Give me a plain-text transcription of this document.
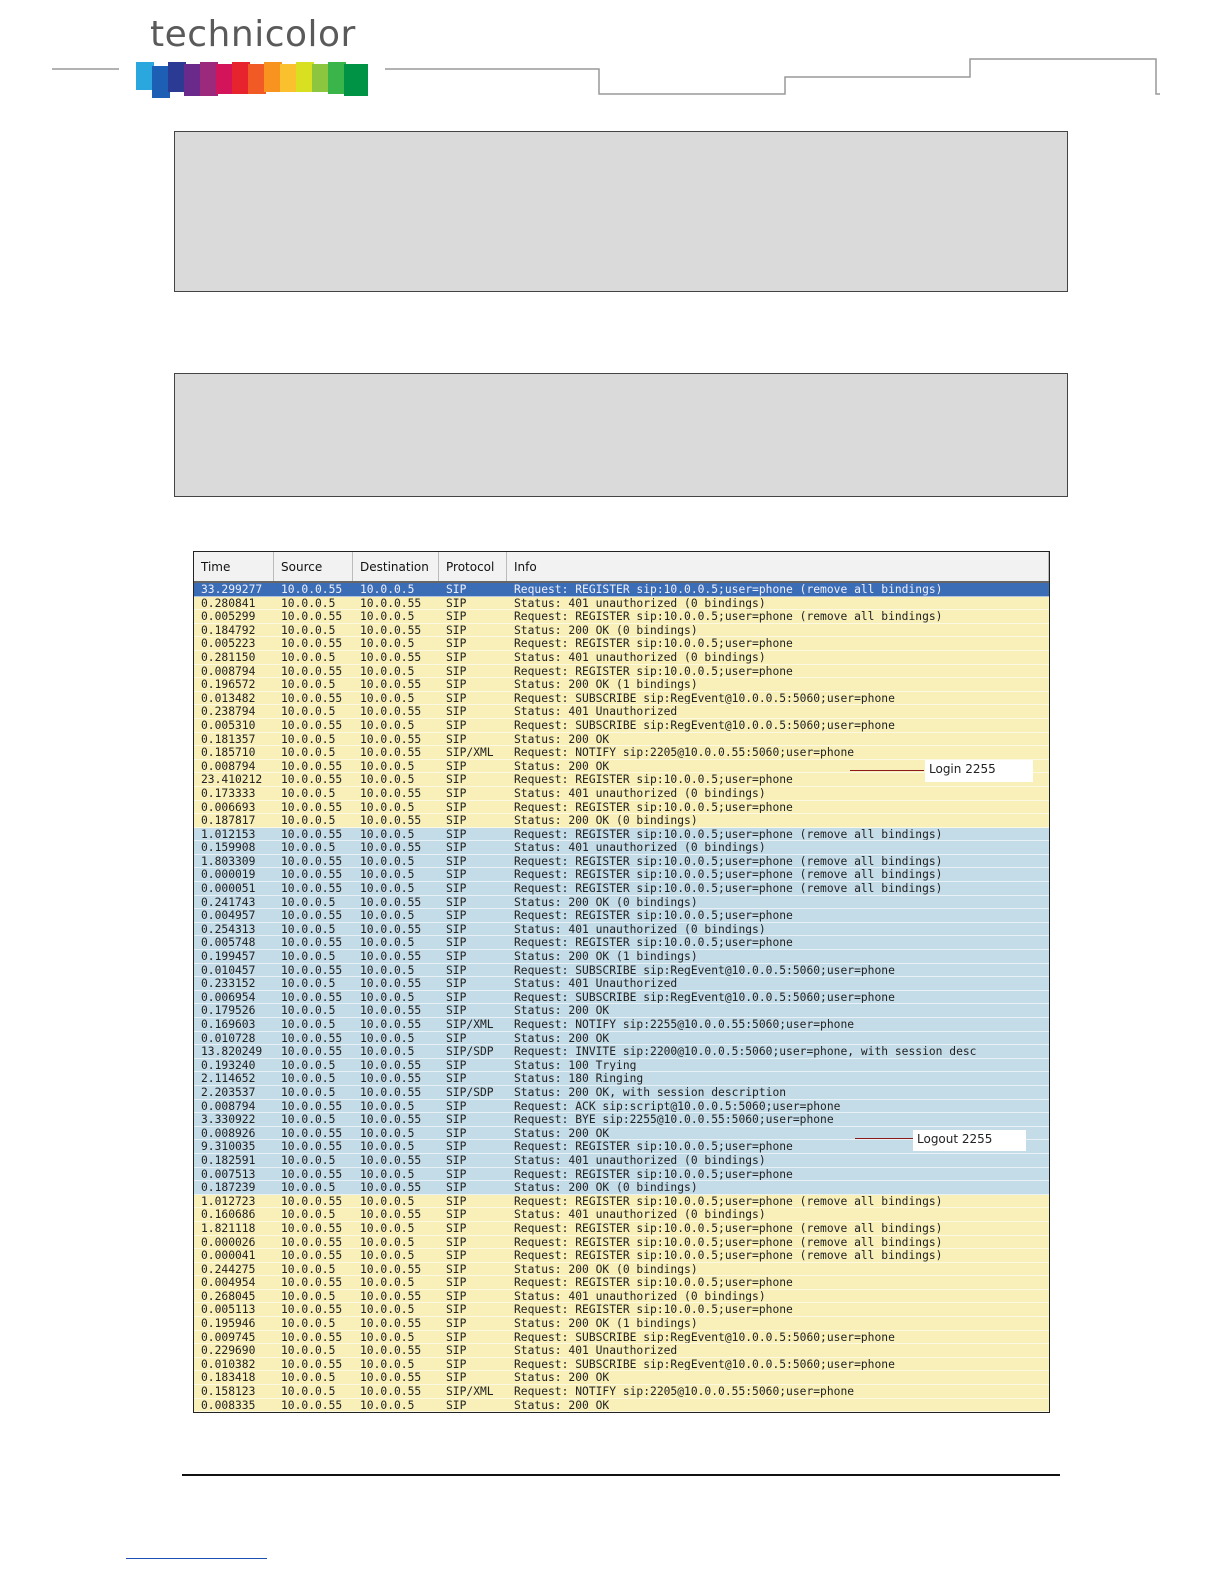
technicolor
Time	Source	Destination	Protocol	Info
33.299277	10.0.0.55	10.0.0.5	SIP	Request: REGISTER sip:10.0.0.5;user=phone (remove all bindings)
0.280841	10.0.0.5	10.0.0.55	SIP	Status: 401 unauthorized (0 bindings)
0.005299	10.0.0.55	10.0.0.5	SIP	Request: REGISTER sip:10.0.0.5;user=phone (remove all bindings)
0.184792	10.0.0.5	10.0.0.55	SIP	Status: 200 OK (0 bindings)
0.005223	10.0.0.55	10.0.0.5	SIP	Request: REGISTER sip:10.0.0.5;user=phone
0.281150	10.0.0.5	10.0.0.55	SIP	Status: 401 unauthorized (0 bindings)
0.008794	10.0.0.55	10.0.0.5	SIP	Request: REGISTER sip:10.0.0.5;user=phone
0.196572	10.0.0.5	10.0.0.55	SIP	Status: 200 OK (1 bindings)
0.013482	10.0.0.55	10.0.0.5	SIP	Request: SUBSCRIBE sip:RegEvent@10.0.0.5:5060;user=phone
0.238794	10.0.0.5	10.0.0.55	SIP	Status: 401 Unauthorized
0.005310	10.0.0.55	10.0.0.5	SIP	Request: SUBSCRIBE sip:RegEvent@10.0.0.5:5060;user=phone
0.181357	10.0.0.5	10.0.0.55	SIP	Status: 200 OK
0.185710	10.0.0.5	10.0.0.55	SIP/XML	Request: NOTIFY sip:2205@10.0.0.55:5060;user=phone
0.008794	10.0.0.55	10.0.0.5	SIP	Status: 200 OK
23.410212	10.0.0.55	10.0.0.5	SIP	Request: REGISTER sip:10.0.0.5;user=phone
0.173333	10.0.0.5	10.0.0.55	SIP	Status: 401 unauthorized (0 bindings)
0.006693	10.0.0.55	10.0.0.5	SIP	Request: REGISTER sip:10.0.0.5;user=phone
0.187817	10.0.0.5	10.0.0.55	SIP	Status: 200 OK (0 bindings)
1.012153	10.0.0.55	10.0.0.5	SIP	Request: REGISTER sip:10.0.0.5;user=phone (remove all bindings)
0.159908	10.0.0.5	10.0.0.55	SIP	Status: 401 unauthorized (0 bindings)
1.803309	10.0.0.55	10.0.0.5	SIP	Request: REGISTER sip:10.0.0.5;user=phone (remove all bindings)
0.000019	10.0.0.55	10.0.0.5	SIP	Request: REGISTER sip:10.0.0.5;user=phone (remove all bindings)
0.000051	10.0.0.55	10.0.0.5	SIP	Request: REGISTER sip:10.0.0.5;user=phone (remove all bindings)
0.241743	10.0.0.5	10.0.0.55	SIP	Status: 200 OK (0 bindings)
0.004957	10.0.0.55	10.0.0.5	SIP	Request: REGISTER sip:10.0.0.5;user=phone
0.254313	10.0.0.5	10.0.0.55	SIP	Status: 401 unauthorized (0 bindings)
0.005748	10.0.0.55	10.0.0.5	SIP	Request: REGISTER sip:10.0.0.5;user=phone
0.199457	10.0.0.5	10.0.0.55	SIP	Status: 200 OK (1 bindings)
0.010457	10.0.0.55	10.0.0.5	SIP	Request: SUBSCRIBE sip:RegEvent@10.0.0.5:5060;user=phone
0.233152	10.0.0.5	10.0.0.55	SIP	Status: 401 Unauthorized
0.006954	10.0.0.55	10.0.0.5	SIP	Request: SUBSCRIBE sip:RegEvent@10.0.0.5:5060;user=phone
0.179526	10.0.0.5	10.0.0.55	SIP	Status: 200 OK
0.169603	10.0.0.5	10.0.0.55	SIP/XML	Request: NOTIFY sip:2255@10.0.0.55:5060;user=phone
0.010728	10.0.0.55	10.0.0.5	SIP	Status: 200 OK
13.820249	10.0.0.55	10.0.0.5	SIP/SDP	Request: INVITE sip:2200@10.0.0.5:5060;user=phone, with session desc
0.193240	10.0.0.5	10.0.0.55	SIP	Status: 100 Trying
2.114652	10.0.0.5	10.0.0.55	SIP	Status: 180 Ringing
2.203537	10.0.0.5	10.0.0.55	SIP/SDP	Status: 200 OK, with session description
0.008794	10.0.0.55	10.0.0.5	SIP	Request: ACK sip:script@10.0.0.5:5060;user=phone
3.330922	10.0.0.5	10.0.0.55	SIP	Request: BYE sip:2255@10.0.0.55:5060;user=phone
0.008926	10.0.0.55	10.0.0.5	SIP	Status: 200 OK
9.310035	10.0.0.55	10.0.0.5	SIP	Request: REGISTER sip:10.0.0.5;user=phone
0.182591	10.0.0.5	10.0.0.55	SIP	Status: 401 unauthorized (0 bindings)
0.007513	10.0.0.55	10.0.0.5	SIP	Request: REGISTER sip:10.0.0.5;user=phone
0.187239	10.0.0.5	10.0.0.55	SIP	Status: 200 OK (0 bindings)
1.012723	10.0.0.55	10.0.0.5	SIP	Request: REGISTER sip:10.0.0.5;user=phone (remove all bindings)
0.160686	10.0.0.5	10.0.0.55	SIP	Status: 401 unauthorized (0 bindings)
1.821118	10.0.0.55	10.0.0.5	SIP	Request: REGISTER sip:10.0.0.5;user=phone (remove all bindings)
0.000026	10.0.0.55	10.0.0.5	SIP	Request: REGISTER sip:10.0.0.5;user=phone (remove all bindings)
0.000041	10.0.0.55	10.0.0.5	SIP	Request: REGISTER sip:10.0.0.5;user=phone (remove all bindings)
0.244275	10.0.0.5	10.0.0.55	SIP	Status: 200 OK (0 bindings)
0.004954	10.0.0.55	10.0.0.5	SIP	Request: REGISTER sip:10.0.0.5;user=phone
0.268045	10.0.0.5	10.0.0.55	SIP	Status: 401 unauthorized (0 bindings)
0.005113	10.0.0.55	10.0.0.5	SIP	Request: REGISTER sip:10.0.0.5;user=phone
0.195946	10.0.0.5	10.0.0.55	SIP	Status: 200 OK (1 bindings)
0.009745	10.0.0.55	10.0.0.5	SIP	Request: SUBSCRIBE sip:RegEvent@10.0.0.5:5060;user=phone
0.229690	10.0.0.5	10.0.0.55	SIP	Status: 401 Unauthorized
0.010382	10.0.0.55	10.0.0.5	SIP	Request: SUBSCRIBE sip:RegEvent@10.0.0.5:5060;user=phone
0.183418	10.0.0.5	10.0.0.55	SIP	Status: 200 OK
0.158123	10.0.0.5	10.0.0.55	SIP/XML	Request: NOTIFY sip:2205@10.0.0.55:5060;user=phone
0.008335	10.0.0.55	10.0.0.5	SIP	Status: 200 OK
Login 2255
Logout 2255
